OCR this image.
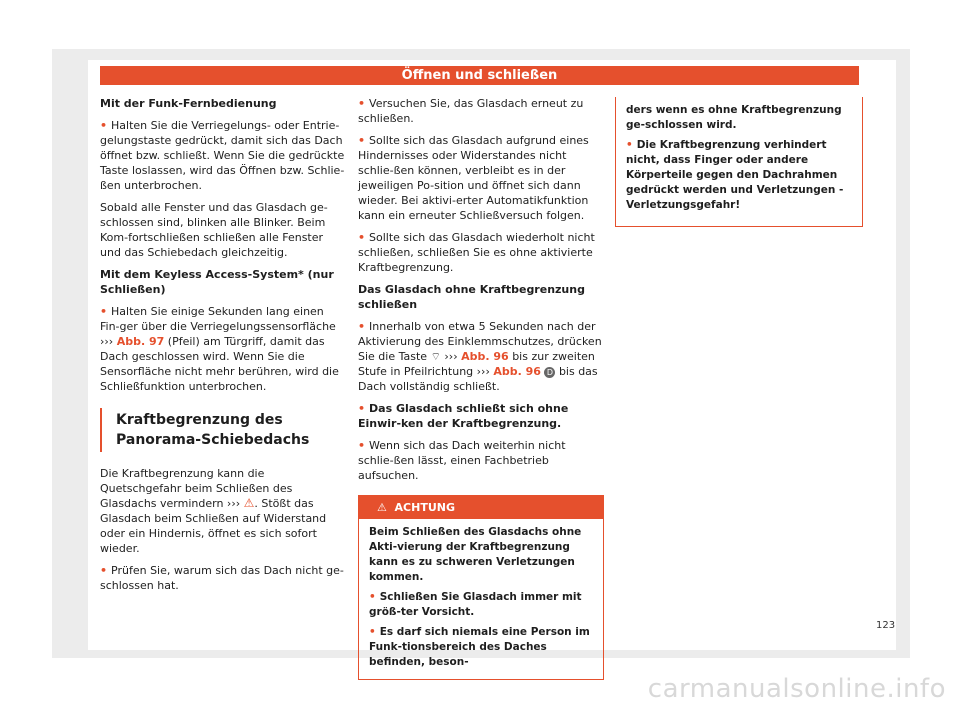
Öffnen und schließen

Mit der Funk-Fernbedienung

• Halten Sie die Verriegelungs- oder Entrie-gelungstaste gedrückt, damit sich das Dach öffnet bzw. schließt. Wenn Sie die gedrückte Taste loslassen, wird das Öffnen bzw. Schlie-ßen unterbrochen.

Sobald alle Fenster und das Glasdach ge-schlossen sind, blinken alle Blinker. Beim Kom-fortschließen schließen alle Fenster und das Schiebedach gleichzeitig.

Mit dem Keyless Access-System* (nur Schließen)

• Halten Sie einige Sekunden lang einen Fin-ger über die Verriegelungssensorfläche ››› Abb. 97 (Pfeil) am Türgriff, damit das Dach geschlossen wird. Wenn Sie die Sensorfläche nicht mehr berühren, wird die Schließfunktion unterbrochen.

Kraftbegrenzung des Panorama-Schiebedachs

Die Kraftbegrenzung kann die Quetschgefahr beim Schließen des Glasdachs vermindern ››› ⚠. Stößt das Glasdach beim Schließen auf Widerstand oder ein Hindernis, öffnet es sich sofort wieder.

• Prüfen Sie, warum sich das Dach nicht ge-schlossen hat.

• Versuchen Sie, das Glasdach erneut zu schließen.

• Sollte sich das Glasdach aufgrund eines Hindernisses oder Widerstandes nicht schlie-ßen können, verbleibt es in der jeweiligen Po-sition und öffnet sich dann wieder. Bei aktivi-erter Automatikfunktion kann ein erneuter Schließversuch folgen.

• Sollte sich das Glasdach wiederholt nicht schließen, schließen Sie es ohne aktivierte Kraftbegrenzung.

Das Glasdach ohne Kraftbegrenzung schließen

• Innerhalb von etwa 5 Sekunden nach der Aktivierung des Einklemmschutzes, drücken Sie die Taste ⌔ ››› Abb. 96 bis zur zweiten Stufe in Pfeilrichtung ››› Abb. 96 D bis das Dach vollständig schließt.

• Das Glasdach schließt sich ohne Einwir-ken der Kraftbegrenzung.

• Wenn sich das Dach weiterhin nicht schlie-ßen lässt, einen Fachbetrieb aufsuchen.

⚠ ACHTUNG

Beim Schließen des Glasdachs ohne Akti-vierung der Kraftbegrenzung kann es zu schweren Verletzungen kommen.

• Schließen Sie Glasdach immer mit größ-ter Vorsicht.

• Es darf sich niemals eine Person im Funk-tionsbereich des Daches befinden, beson-

ders wenn es ohne Kraftbegrenzung ge-schlossen wird.

• Die Kraftbegrenzung verhindert nicht, dass Finger oder andere Körperteile gegen den Dachrahmen gedrückt werden und Verletzungen - Verletzungsgefahr!

123
carmanualsonline.info
